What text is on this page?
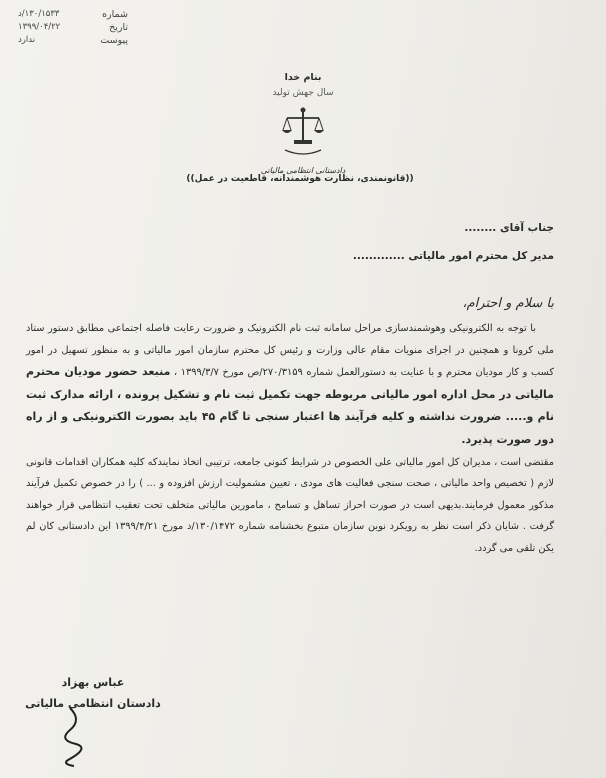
شماره
۱۳۰/۱۵۳۳/د
تاریخ
۱۳۹۹/۰۴/۲۲
پیوست
ندارد
بنام خدا
سال جهش تولید
دادستانی انتظامی مالیاتی
((قانونمندی، نظارت هوشمندانه، قاطعیت در عمل))
جناب آقای ........
مدیر کل محترم امور مالیاتی .............
با سلام و احترام،
با توجه به الکترونیکی وهوشمندسازی مراحل سامانه ثبت نام الکترونیک و ضرورت رعایت فاصله اجتماعی مطابق دستور ستاد ملی کرونا و همچنین در اجرای منویات مقام عالی وزارت و رئیس کل محترم سازمان امور مالیاتی و به منظور تسهیل در امور کسب و کار مودیان محترم و با عنایت به دستورالعمل شماره ۲۷۰/۳۱۵۹/ص مورخ ۱۳۹۹/۳/۷ ، منبعد حضور مودیان محترم مالیاتی در محل اداره امور مالیاتی مربوطه جهت تکمیل ثبت نام و تشکیل پرونده ، ارائه مدارک ثبت نام و..... ضرورت نداشته و کلیه فرآیند ها اعتبار سنجی تا گام ۴۵ باید بصورت الکترونیکی و از راه دور صورت پذیرد.
مقتضی است ، مدیران کل امور مالیاتی علی الخصوص در شرایط کنونی جامعه، ترتیبی اتخاذ نمایندکه کلیه همکاران اقدامات قانونی لازم ( تخصیص واحد مالیاتی ، صحت سنجی فعالیت های مودی ، تعیین مشمولیت ارزش افزوده و ... ) را در خصوص تکمیل فرآیند مذکور معمول فرمایند.بدیهی است در صورت احراز تساهل و تسامح ، مامورین مالیاتی متخلف تحت تعقیب انتظامی قرار خواهند گرفت . شایان ذکر است نظر به رویکرد نوین سازمان متبوع بخشنامه شماره ۱۳۰/۱۴۷۲/د مورخ ۱۳۹۹/۴/۲۱ این دادستانی کان لم یکن تلقی می گردد.
عباس بهزاد
دادستان انتظامی مالیاتی
